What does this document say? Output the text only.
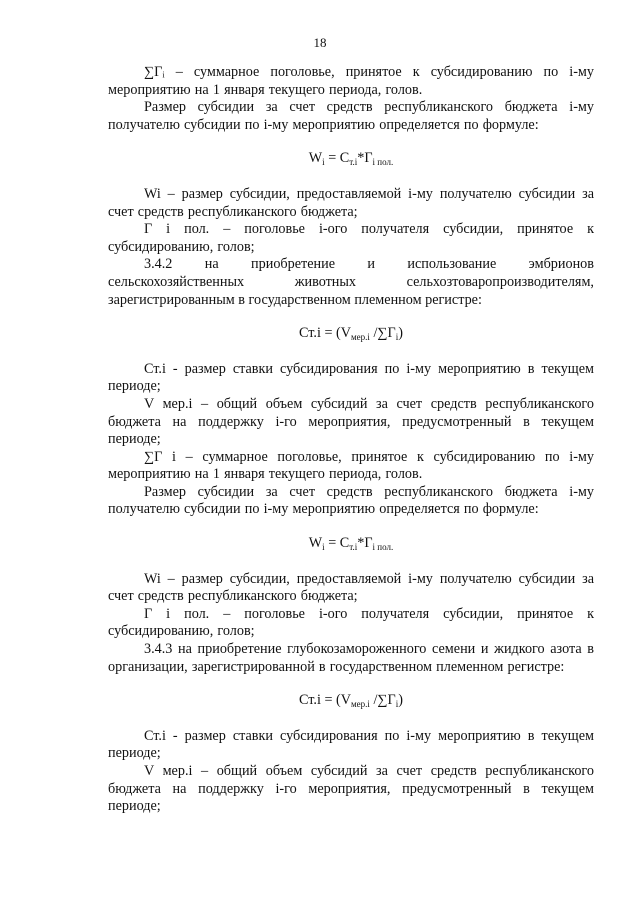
18

∑Гᵢ – суммарное поголовье, принятое к субсидированию по i-му мероприятию на 1 января текущего периода, голов.

Размер субсидии за счет средств республиканского бюджета i-му получателю субсидии по i-му мероприятию определяется по формуле:

$W_i = С_{т.i}*Г_{i пол.}$

Wi – размер субсидии, предоставляемой i-му получателю субсидии за счет средств республиканского бюджета;

Г i пол. – поголовье i-ого получателя субсидии, принятое к субсидированию, голов;

3.4.2 на приобретение и использование эмбрионов
сельскохозяйственных	животных	сельхозтоваропроизводителям,

зарегистрированным в государственном племенном регистре:

$Ст.i = (V_{мер.i}$ $/\sum Г_i$)

Ст.i - размер ставки субсидирования по i-му мероприятию в текущем периоде;

V мер.i – общий объем субсидий за счет средств республиканского бюджета на поддержку i-го мероприятия, предусмотренный в текущем периоде;

∑Г i – суммарное поголовье, принятое к субсидированию по i-му мероприятию на 1 января текущего периода, голов.

Размер субсидии за счет средств республиканского бюджета i-му получателю субсидии по i-му мероприятию определяется по формуле:

$W_i = С_{т.i}*Г_{i пол.}$

Wi – размер субсидии, предоставляемой i-му получателю субсидии за счет средств республиканского бюджета;

Г i пол. – поголовье i-ого получателя субсидии, принятое к субсидированию, голов;

3.4.3 на приобретение глубокозамороженного семени и жидкого азота в организации, зарегистрированной в государственном племенном регистре:

$Ст.i = (V_{мер.i}$ $/\sum Г_i$)

Ст.i - размер ставки субсидирования по i-му мероприятию в текущем периоде;

V мер.i – общий объем субсидий за счет средств республиканского бюджета на поддержку i-го мероприятия, предусмотренный в текущем периоде;
